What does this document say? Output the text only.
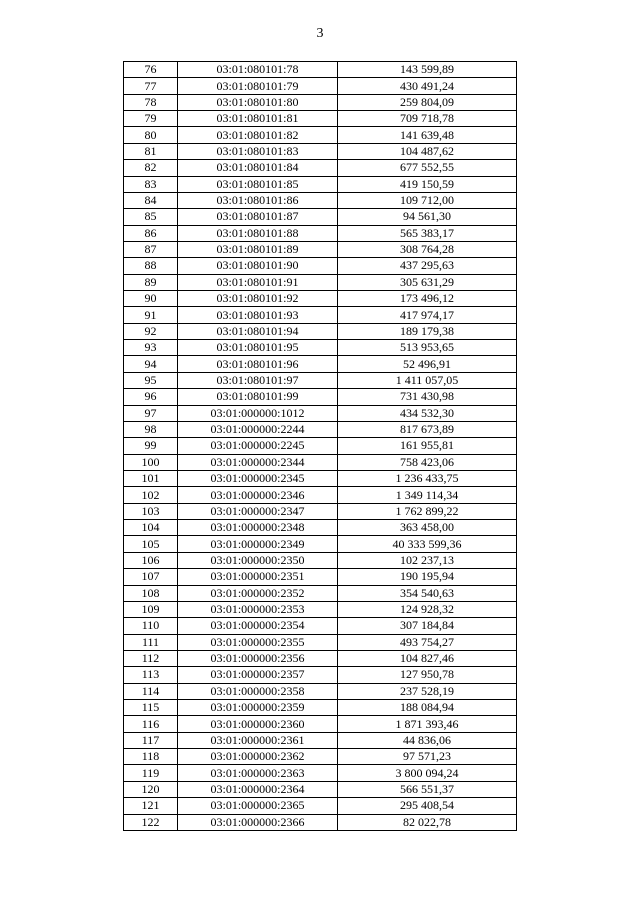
3
76	03:01:080101:78	143 599,89
77	03:01:080101:79	430 491,24
78	03:01:080101:80	259 804,09
79	03:01:080101:81	709 718,78
80	03:01:080101:82	141 639,48
81	03:01:080101:83	104 487,62
82	03:01:080101:84	677 552,55
83	03:01:080101:85	419 150,59
84	03:01:080101:86	109 712,00
85	03:01:080101:87	94 561,30
86	03:01:080101:88	565 383,17
87	03:01:080101:89	308 764,28
88	03:01:080101:90	437 295,63
89	03:01:080101:91	305 631,29
90	03:01:080101:92	173 496,12
91	03:01:080101:93	417 974,17
92	03:01:080101:94	189 179,38
93	03:01:080101:95	513 953,65
94	03:01:080101:96	52 496,91
95	03:01:080101:97	1 411 057,05
96	03:01:080101:99	731 430,98
97	03:01:000000:1012	434 532,30
98	03:01:000000:2244	817 673,89
99	03:01:000000:2245	161 955,81
100	03:01:000000:2344	758 423,06
101	03:01:000000:2345	1 236 433,75
102	03:01:000000:2346	1 349 114,34
103	03:01:000000:2347	1 762 899,22
104	03:01:000000:2348	363 458,00
105	03:01:000000:2349	40 333 599,36
106	03:01:000000:2350	102 237,13
107	03:01:000000:2351	190 195,94
108	03:01:000000:2352	354 540,63
109	03:01:000000:2353	124 928,32
110	03:01:000000:2354	307 184,84
111	03:01:000000:2355	493 754,27
112	03:01:000000:2356	104 827,46
113	03:01:000000:2357	127 950,78
114	03:01:000000:2358	237 528,19
115	03:01:000000:2359	188 084,94
116	03:01:000000:2360	1 871 393,46
117	03:01:000000:2361	44 836,06
118	03:01:000000:2362	97 571,23
119	03:01:000000:2363	3 800 094,24
120	03:01:000000:2364	566 551,37
121	03:01:000000:2365	295 408,54
122	03:01:000000:2366	82 022,78
